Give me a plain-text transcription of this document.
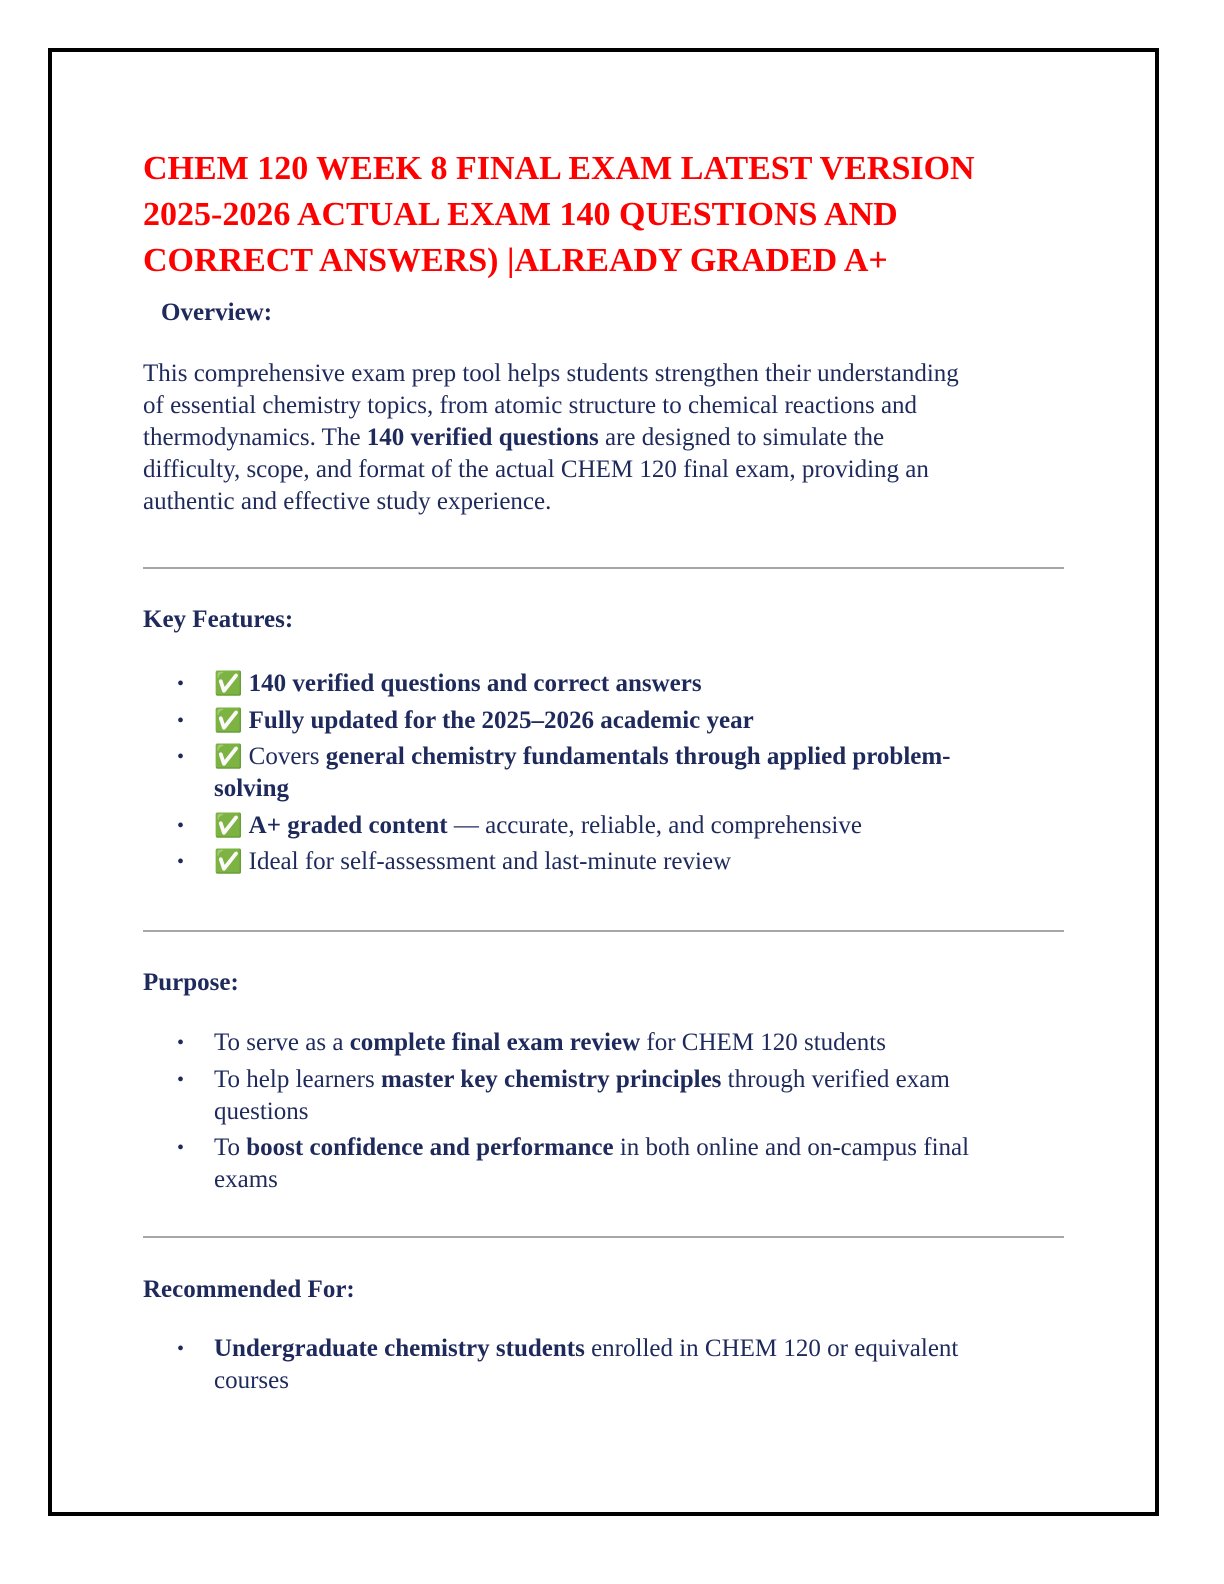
CHEM 120 WEEK 8 FINAL EXAM LATEST VERSION
2025-2026 ACTUAL EXAM 140 QUESTIONS AND
CORRECT ANSWERS) |ALREADY GRADED A+
Overview:
This comprehensive exam prep tool helps students strengthen their understanding
of essential chemistry topics, from atomic structure to chemical reactions and
thermodynamics. The 140 verified questions are designed to simulate the
difficulty, scope, and format of the actual CHEM 120 final exam, providing an
authentic and effective study experience.
Key Features:
• ✅ 140 verified questions and correct answers
• ✅ Fully updated for the 2025–2026 academic year
• ✅ Covers general chemistry fundamentals through applied problem-
solving
• ✅ A+ graded content — accurate, reliable, and comprehensive
• ✅ Ideal for self-assessment and last-minute review
Purpose:
• To serve as a complete final exam review for CHEM 120 students
• To help learners master key chemistry principles through verified exam
questions
• To boost confidence and performance in both online and on-campus final
exams
Recommended For:
• Undergraduate chemistry students enrolled in CHEM 120 or equivalent
courses
